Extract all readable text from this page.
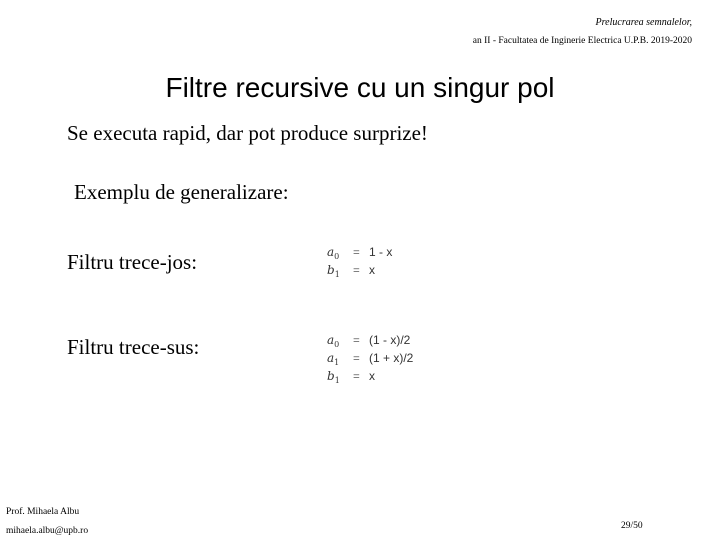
Prelucrarea semnalelor,
an II - Facultatea de Inginerie Electrica U.P.B. 2019-2020
Filtre recursive cu un singur pol
Se executa rapid, dar pot produce surprize!
Exemplu de generalizare:
Filtru trece-jos:	$a_0$	= 1 - x
$b_1$	= x
Filtru trece-sus:	$a_0$	= (1 - x)/2
$a_1$	= (1 + x)/2
$b_1$	= x
Prof. Mihaela Albu
mihaela.albu@upb.ro	29/50
